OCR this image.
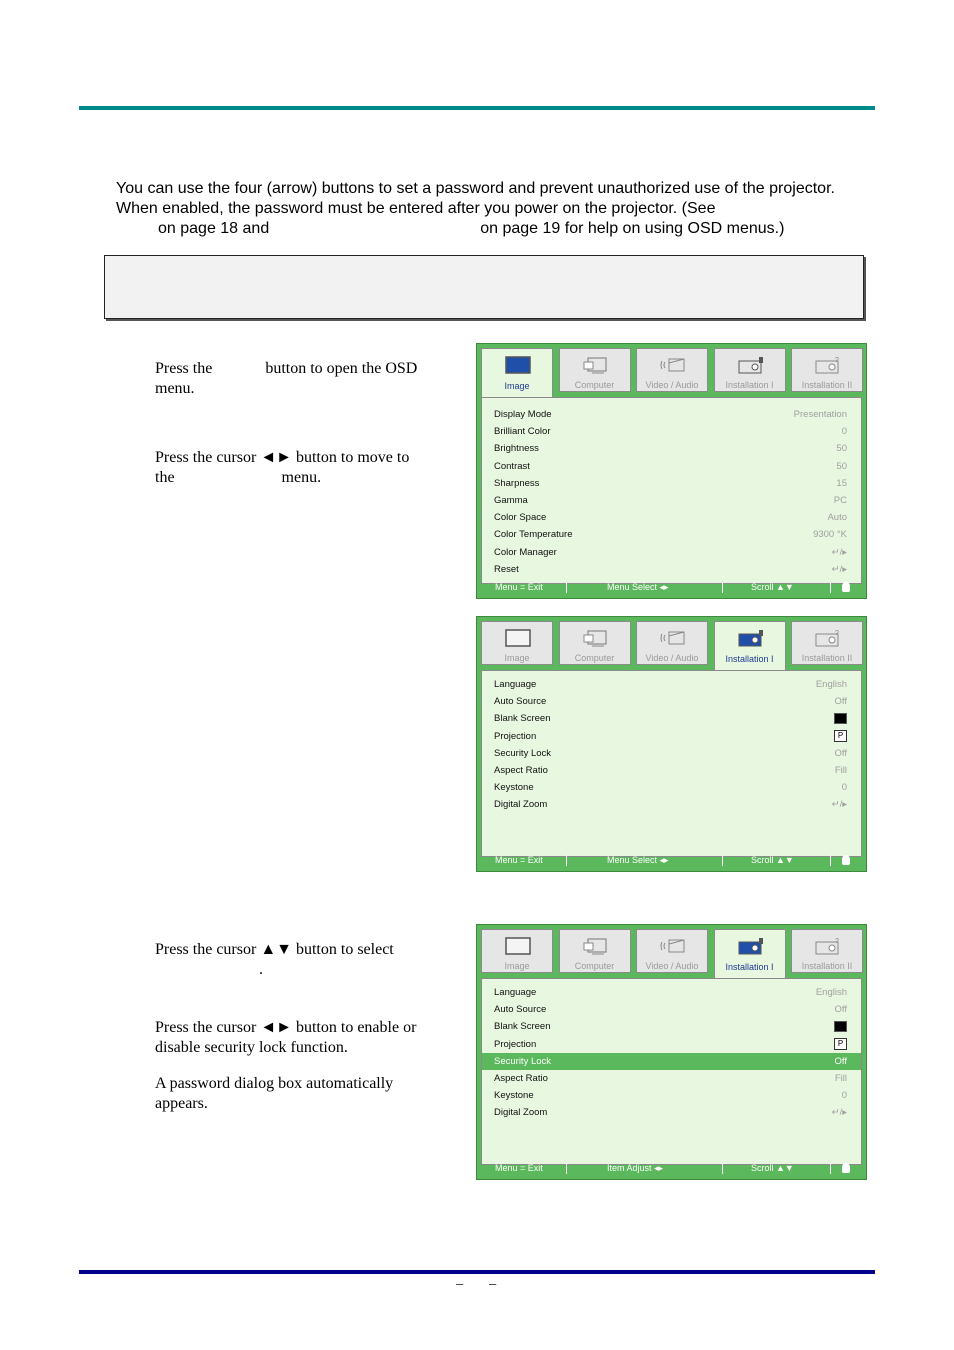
You can use the four (arrow) buttons to set a password and prevent unauthorized use of the projector.

When enabled, the password must be entered after you power on the projector. (See

on page 18 and	on page 19 for help on using OSD menus.)

Press the	button to open the OSD

menu.

Press the cursor ◄► button to move to

the	menu.

Press the cursor ▲▼ button to select

.

Press the cursor ◄► button to enable or

disable security lock function.

A password dialog box automatically

appears.

Image	Computer	Video / Audio	Installation I
?
Installation II
Display Mode	Presentation
Brilliant Color	0
Brightness	50
Contrast	50
Sharpness	15
Gamma	PC
Color Space	Auto
Color Temperature	9300 °K
Color Manager	↵/▸
Reset	↵/▸
Menu = Exit	Menu Select ◂▸	Scroll ▲▼
Image	Computer	Video / Audio	Installation I
?
Installation II
Language	English
Auto Source	Off
Blank Screen
Projection	P
Security Lock	Off
Aspect Ratio	Fill
Keystone	0
Digital Zoom	↵/▸
Menu = Exit	Menu Select ◂▸	Scroll ▲▼
Image	Computer	Video / Audio	Installation I
?
Installation II
Language	English
Auto Source	Off
Blank Screen
Projection	P
Security Lock	Off
Aspect Ratio	Fill
Keystone	0
Digital Zoom	↵/▸
Menu = Exit	Item Adjust ◂▸	Scroll ▲▼
– –
